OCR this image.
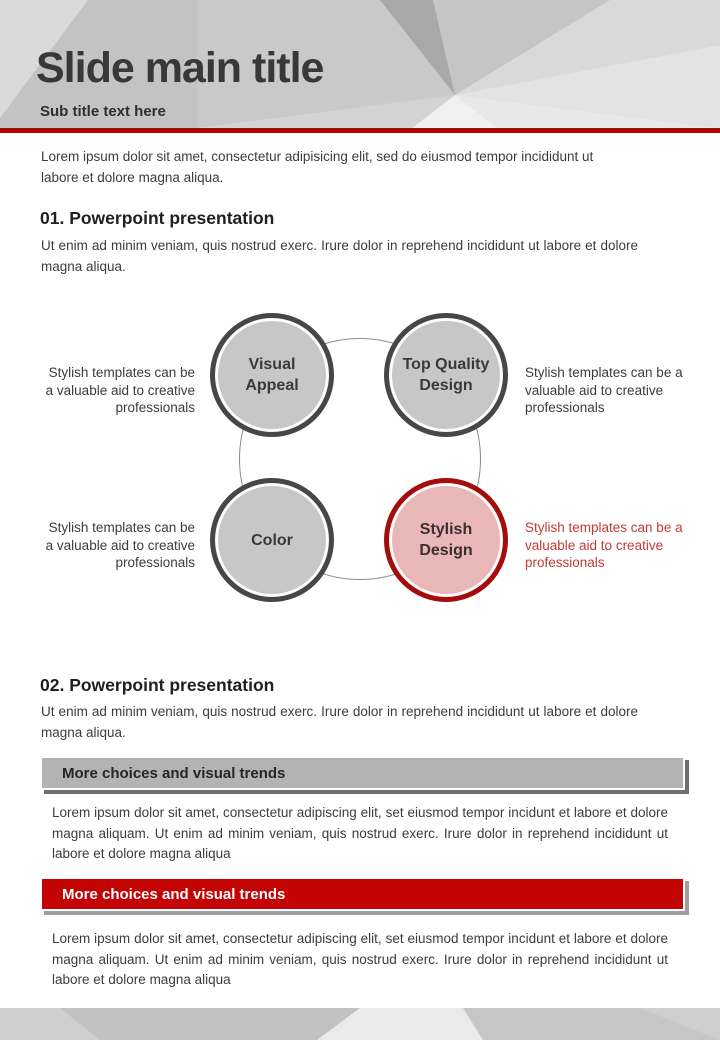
Slide main title
Sub title text here
Lorem ipsum dolor sit amet, consectetur adipisicing elit, sed do eiusmod tempor incididunt ut labore et dolore magna aliqua.
01. Powerpoint presentation
Ut enim ad minim veniam, quis nostrud exerc. Irure dolor in reprehend incididunt ut labore et dolore magna aliqua.
Visual Appeal
Top Quality Design
Color
Stylish Design
Stylish templates can be a valuable aid to creative professionals
Stylish templates can be a valuable aid to creative professionals
Stylish templates can be a valuable aid to creative professionals
Stylish templates can be a valuable aid to creative professionals
02. Powerpoint presentation
Ut enim ad minim veniam, quis nostrud exerc. Irure dolor in reprehend incididunt ut labore et dolore magna aliqua.
More choices and visual trends
Lorem ipsum dolor sit amet, consectetur adipiscing elit, set eiusmod tempor incidunt et labore et dolore magna aliquam. Ut enim ad minim veniam, quis nostrud exerc. Irure dolor in reprehend incididunt ut labore et dolore magna aliqua
More choices and visual trends
Lorem ipsum dolor sit amet, consectetur adipiscing elit, set eiusmod tempor incidunt et labore et dolore magna aliquam. Ut enim ad minim veniam, quis nostrud exerc. Irure dolor in reprehend incididunt ut labore et dolore magna aliqua
